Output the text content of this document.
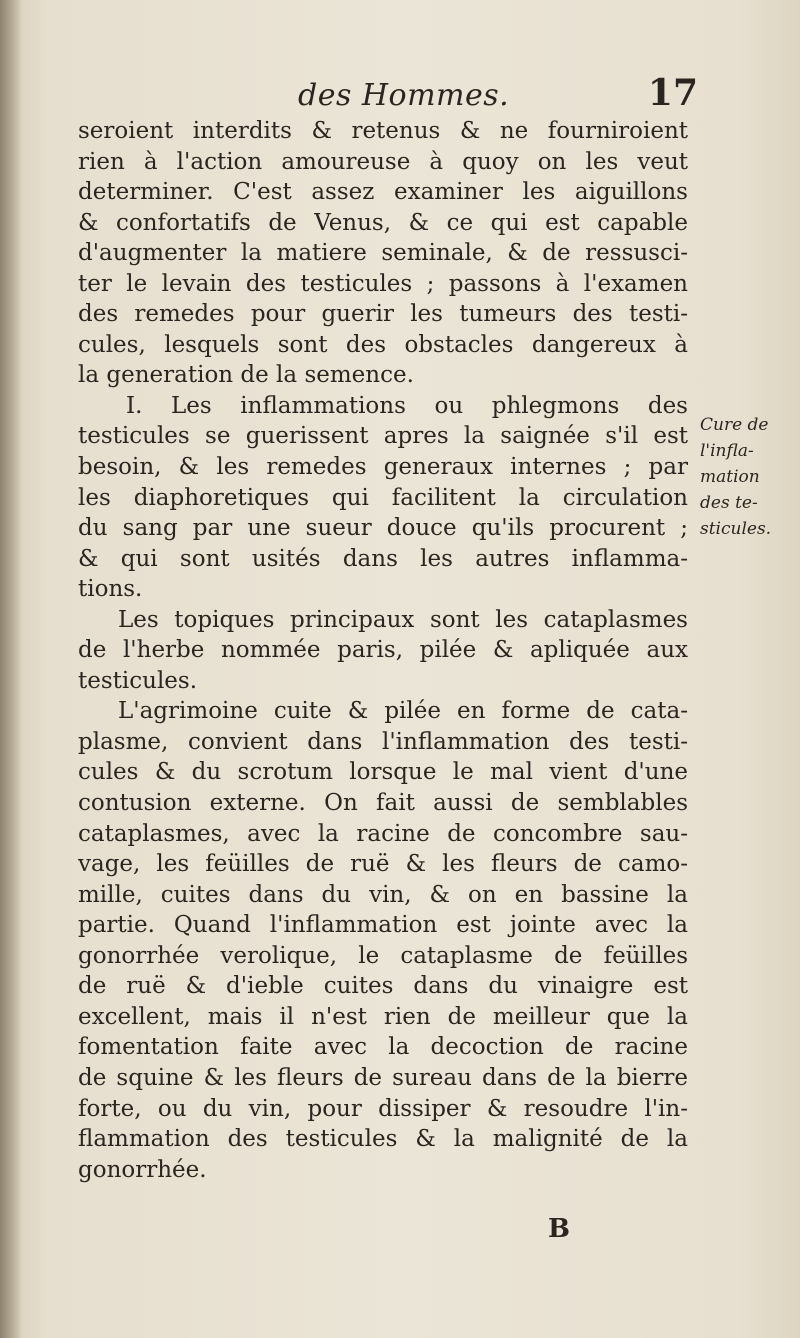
des Hommes.	17
seroient interdits & retenus & ne fourniroient
rien à l'action amoureuse à quoy on les veut
determiner. C'est assez examiner les aiguillons
& confortatifs de Venus, & ce qui est capable
d'augmenter la matiere seminale, & de ressusci-
ter le levain des testicules ; passons à l'examen
des remedes pour guerir les tumeurs des testi-
cules, lesquels sont des obstacles dangereux à
la generation de la semence.
I. Les inflammations ou phlegmons des
testicules se guerissent apres la saignée s'il est
besoin, & les remedes generaux internes ; par
les diaphoretiques qui facilitent la circulation
du sang par une sueur douce qu'ils procurent ;
& qui sont usités dans les autres inflamma-
tions.
Les topiques principaux sont les cataplasmes
de l'herbe nommée paris, pilée & apliquée aux
testicules.
L'agrimoine cuite & pilée en forme de cata-
plasme, convient dans l'inflammation des testi-
cules & du scrotum lorsque le mal vient d'une
contusion externe. On fait aussi de semblables
cataplasmes, avec la racine de concombre sau-
vage, les feüilles de ruë & les fleurs de camo-
mille, cuites dans du vin, & on en bassine la
partie. Quand l'inflammation est jointe avec la
gonorrhée verolique, le cataplasme de feüilles
de ruë & d'ieble cuites dans du vinaigre est
excellent, mais il n'est rien de meilleur que la
fomentation faite avec la decoction de racine
de squine & les fleurs de sureau dans de la bierre
forte, ou du vin, pour dissiper & resoudre l'in-
flammation des testicules & la malignité de la
gonorrhée.
Cure de
l'infla-
mation
des te-
sticules.
B
